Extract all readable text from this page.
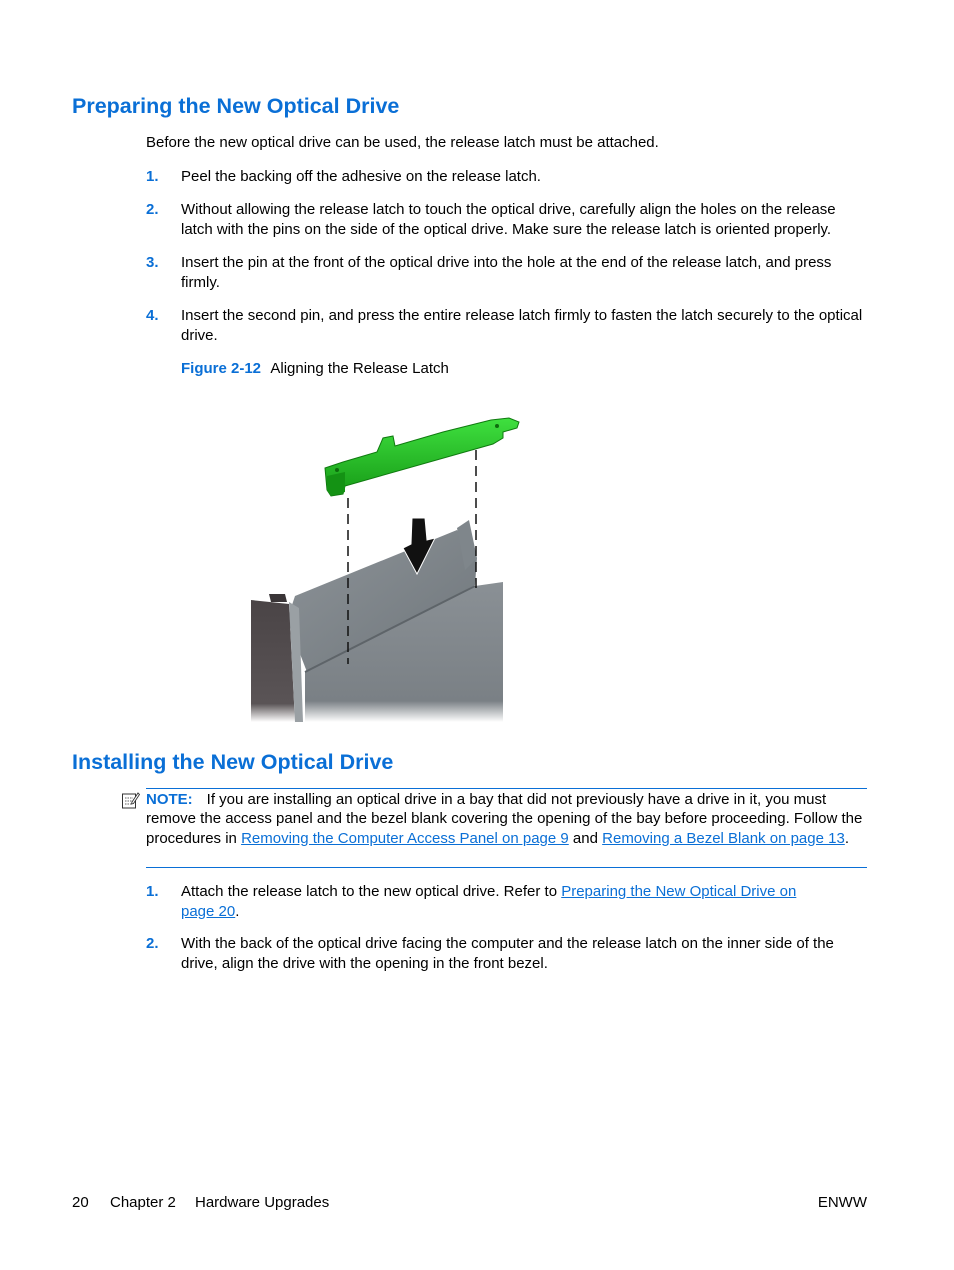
Preparing the New Optical Drive

Before the new optical drive can be used, the release latch must be attached.

1. Peel the backing off the adhesive on the release latch.
2. Without allowing the release latch to touch the optical drive, carefully align the holes on the release latch with the pins on the side of the optical drive. Make sure the release latch is oriented properly.
3. Insert the pin at the front of the optical drive into the hole at the end of the release latch, and press firmly.
4. Insert the second pin, and press the entire release latch firmly to fasten the latch securely to the optical drive.
Figure 2-12 Aligning the Release Latch
Installing the New Optical Drive
NOTE: If you are installing an optical drive in a bay that did not previously have a drive in it, you must remove the access panel and the bezel blank covering the opening of the bay before proceeding. Follow the procedures in Removing the Computer Access Panel on page 9 and Removing a Bezel Blank on page 13.
1. Attach the release latch to the new optical drive. Refer to Preparing the New Optical Drive on page 20.
2. With the back of the optical drive facing the computer and the release latch on the inner side of the drive, align the drive with the opening in the front bezel.
20 Chapter 2 Hardware Upgrades	ENWW
